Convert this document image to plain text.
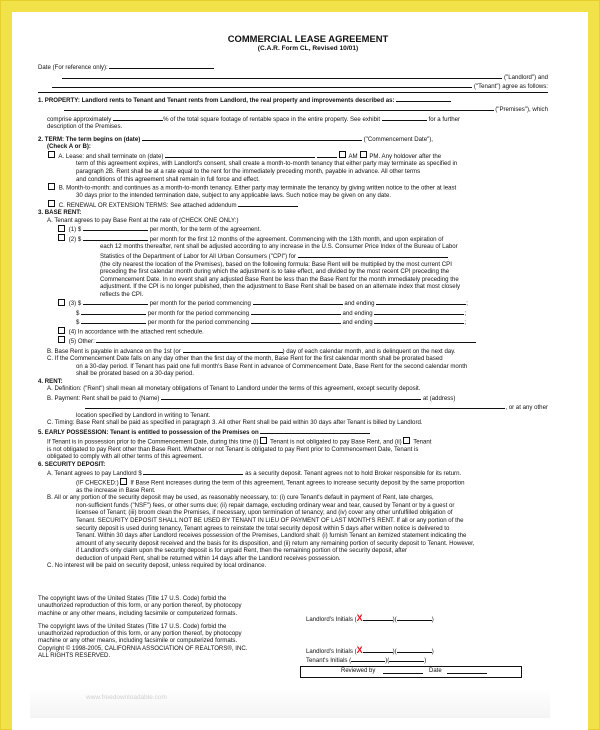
COMMERCIAL LEASE AGREEMENT
(C.A.R. Form CL, Revised 10/01)
Date (For reference only):
("Landlord") and
("Tenant") agree as follows:
1. PROPERTY: Landlord rents to Tenant and Tenant rents from Landlord, the real property and improvements described as:
("Premises"), which
comprise approximately	% of the total square footage of rentable space in the entire property. See exhibit	for a further
description of the Premises.
2. TERM: The term begins on (date)	("Commencement Date"),
(Check A or B):
A. Lease: and shall terminate on (date)	AM PM. Any holdover after the
term of this agreement expires, with Landlord's consent, shall create a month-to-month tenancy that either party may terminate as specified in
paragraph 2B. Rent shall be at a rate equal to the rent for the immediately preceding month, payable in advance. All other terms
and conditions of this agreement shall remain in full force and effect.
B. Month-to-month: and continues as a month-to-month tenancy. Either party may terminate the tenancy by giving written notice to the other at least
30 days prior to the intended termination date, subject to any applicable laws. Such notice may be given on any date.
C. RENEWAL OR EXTENSION TERMS: See attached addendum
3. BASE RENT:
A. Tenant agrees to pay Base Rent at the rate of (CHECK ONE ONLY:)
(1) $	per month, for the term of the agreement.
(2) $	per month for the first 12 months of the agreement. Commencing with the 13th month, and upon expiration of
each 12 months thereafter, rent shall be adjusted according to any increase in the U.S. Consumer Price Index of the Bureau of Labor
Statistics of the Department of Labor for All Urban Consumers ("CPI") for
(the city nearest the location of the Premises), based on the following formula: Base Rent will be multiplied by the most current CPI
preceding the first calendar month during which the adjustment is to take effect, and divided by the most recent CPI preceding the
Commencement Date. In no event shall any adjusted Base Rent be less than the Base Rent for the month immediately preceding the
adjustment. If the CPI is no longer published, then the adjustment to Base Rent shall be based on an alternate index that most closely
reflects the CPI.
(3) $	per month for the period commencing	and ending	;
$	per month for the period commencing	and ending	;
$	per month for the period commencing	and ending	;
(4) In accordance with the attached rent schedule.
(5) Other:
B. Base Rent is payable in advance on the 1st (or	) day of each calendar month, and is delinquent on the next day.
C. If the Commencement Date falls on any day other than the first day of the month, Base Rent for the first calendar month shall be prorated based
on a 30-day period. If Tenant has paid one full month's Base Rent in advance of Commencement Date, Base Rent for the second calendar month
shall be prorated based on a 30-day period.
4. RENT:
A. Definition: ("Rent") shall mean all monetary obligations of Tenant to Landlord under the terms of this agreement, except security deposit.
B. Payment: Rent shall be paid to (Name)	at (address)
, or at any other
location specified by Landlord in writing to Tenant.
C. Timing: Base Rent shall be paid as specified in paragraph 3. All other Rent shall be paid within 30 days after Tenant is billed by Landlord.
5. EARLY POSSESSION: Tenant is entitled to possession of the Premises on
If Tenant is in possession prior to the Commencement Date, during this time (i) Tenant is not obligated to pay Base Rent, and (ii) Tenant
is not obligated to pay Rent other than Base Rent. Whether or not Tenant is obligated to pay Rent prior to Commencement Date, Tenant is
obligated to comply with all other terms of this agreement.
6. SECURITY DEPOSIT:
A. Tenant agrees to pay Landlord $	as a security deposit. Tenant agrees not to hold Broker responsible for its return.
(IF CHECKED:) If Base Rent increases during the term of this agreement, Tenant agrees to increase security deposit by the same proportion
as the increase in Base Rent.
B. All or any portion of the security deposit may be used, as reasonably necessary, to: (i) cure Tenant's default in payment of Rent, late charges,
non-sufficient funds ("NSF") fees, or other sums due; (ii) repair damage, excluding ordinary wear and tear, caused by Tenant or by a guest or
licensee of Tenant; (iii) broom clean the Premises, if necessary, upon termination of tenancy; and (iv) cover any other unfulfilled obligation of
Tenant. SECURITY DEPOSIT SHALL NOT BE USED BY TENANT IN LIEU OF PAYMENT OF LAST MONTH'S RENT. If all or any portion of the
security deposit is used during tenancy, Tenant agrees to reinstate the total security deposit within 5 days after written notice is delivered to
Tenant. Within 30 days after Landlord receives possession of the Premises, Landlord shall: (i) furnish Tenant an itemized statement indicating the
amount of any security deposit received and the basis for its disposition, and (ii) return any remaining portion of security deposit to Tenant. However,
if Landlord's only claim upon the security deposit is for unpaid Rent, then the remaining portion of the security deposit, after
deduction of unpaid Rent, shall be returned within 14 days after the Landlord receives possession.
C. No interest will be paid on security deposit, unless required by local ordinance.
The copyright laws of the United States (Title 17 U.S. Code) forbid the unauthorized reproduction of this form, or any portion thereof, by photocopy machine or any other means, including facsimile or computerized formats.
The copyright laws of the United States (Title 17 U.S. Code) forbid the unauthorized reproduction of this form, or any portion thereof, by photocopy machine or any other means, including facsimile or computerized formats. Copyright © 1998-2005, CALIFORNIA ASSOCIATION OF REALTORS®, INC. ALL RIGHTS RESERVED.
Landlord's Initials (X	)(	)
Landlord's Initials (X	)(	)
Tenant's Initials (	)(	)
Reviewed by	Date
www.freedownloadable.com
